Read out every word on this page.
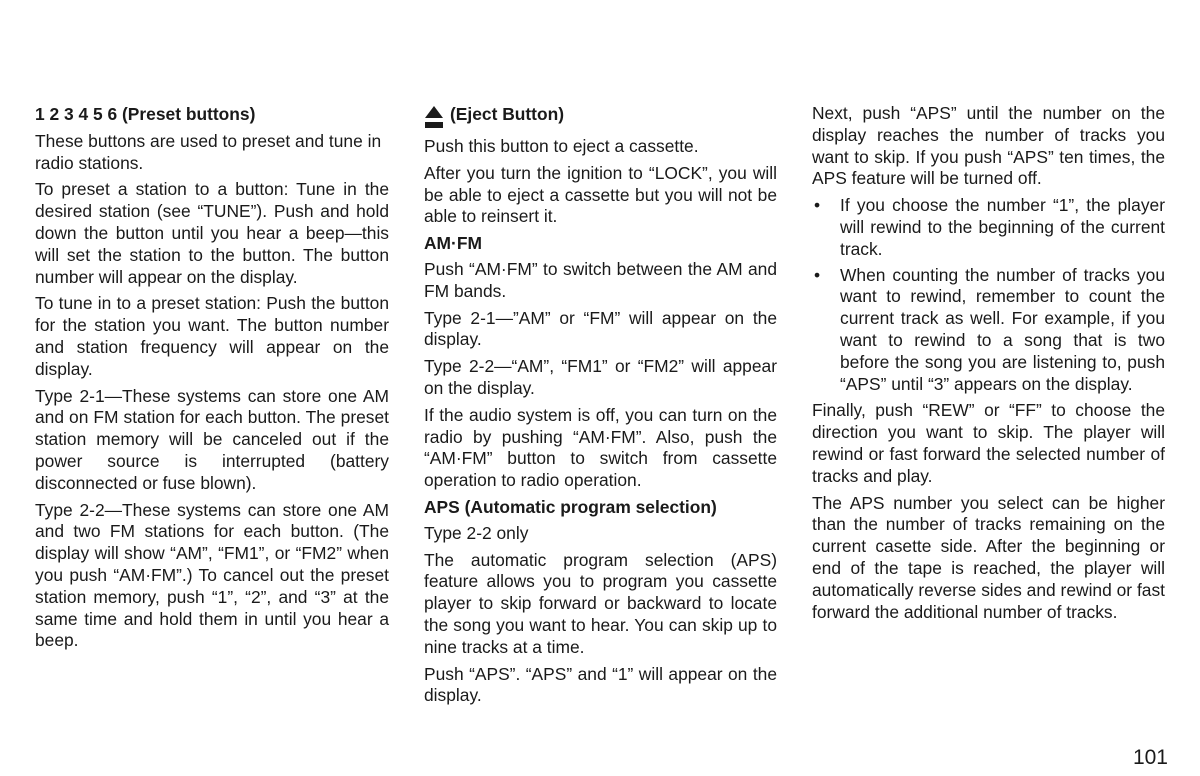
1 2 3 4 5 6 (Preset buttons)

These buttons are used to preset and tune in radio stations.

To preset a station to a button: Tune in the desired station (see “TUNE”). Push and hold down the button until you hear a beep—this will set the station to the button. The button number will appear on the display.

To tune in to a preset station: Push the button for the station you want. The button number and station frequency will appear on the display.

Type 2-1—These systems can store one AM and on FM station for each button. The preset station memory will be canceled out if the power source is interrupted (battery disconnected or fuse blown).

Type 2-2—These systems can store one AM and two FM stations for each button. (The display will show “AM”, “FM1”, or “FM2” when you push “AM·FM”.) To cancel out the preset station memory, push “1”, “2”, and “3” at the same time and hold them in until you hear a beep.

(Eject Button)

Push this button to eject a cassette.

After you turn the ignition to “LOCK”, you will be able to eject a cassette but you will not be able to reinsert it.

AM·FM

Push “AM·FM” to switch between the AM and FM bands.

Type 2-1—”AM” or “FM” will appear on the display.

Type 2-2—“AM”, “FM1” or “FM2” will appear on the display.

If the audio system is off, you can turn on the radio by pushing “AM·FM”. Also, push the “AM·FM” button to switch from cassette operation to radio operation.

APS (Automatic program selection)

Type 2-2 only

The automatic program selection (APS) feature allows you to program you cassette player to skip forward or backward to locate the song you want to hear. You can skip up to nine tracks at a time.

Push “APS”. “APS” and “1” will appear on the display.

Next, push “APS” until the number on the display reaches the number of tracks you want to skip. If you push “APS” ten times, the APS feature will be turned off.

• If you choose the number “1”, the player will rewind to the beginning of the current track.
• When counting the number of tracks you want to rewind, remember to count the current track as well. For example, if you want to rewind to a song that is two before the song you are listening to, push “APS” until “3” appears on the display.

Finally, push “REW” or “FF” to choose the direction you want to skip. The player will rewind or fast forward the selected number of tracks and play.

The APS number you select can be higher than the number of tracks remaining on the current casette side. After the beginning or end of the tape is reached, the player will automatically reverse sides and rewind or fast forward the additional number of tracks.

101
